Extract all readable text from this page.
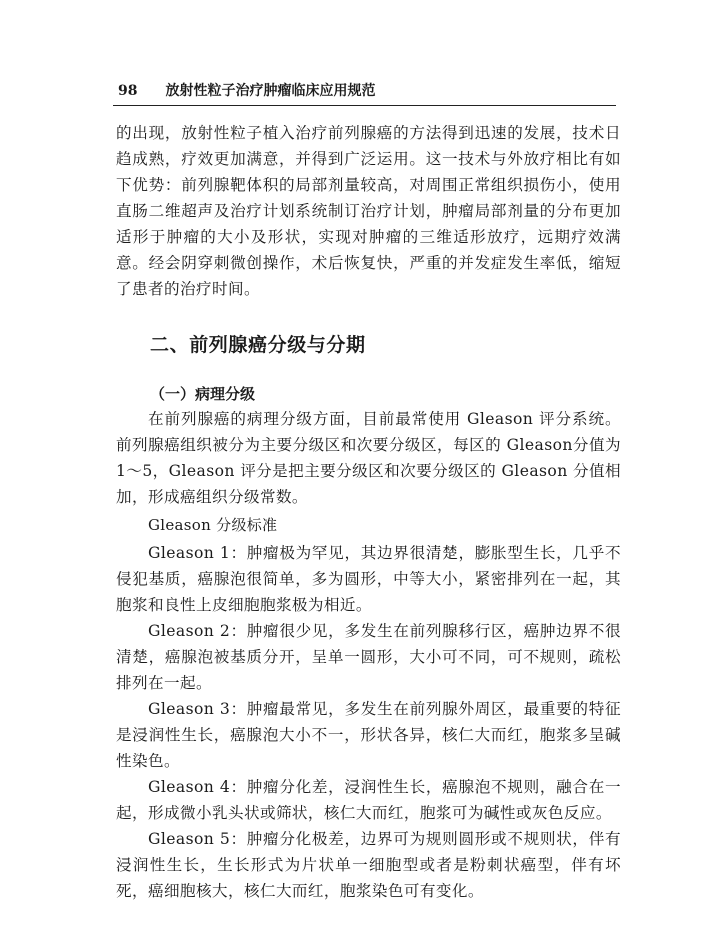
98 放射性粒子治疗肿瘤临床应用规范

的出现，放射性粒子植入治疗前列腺癌的方法得到迅速的发展，技术日趋成熟，疗效更加满意，并得到广泛运用。这一技术与外放疗相比有如下优势：前列腺靶体积的局部剂量较高，对周围正常组织损伤小，使用直肠二维超声及治疗计划系统制订治疗计划，肿瘤局部剂量的分布更加适形于肿瘤的大小及形状，实现对肿瘤的三维适形放疗，远期疗效满意。经会阴穿刺微创操作，术后恢复快，严重的并发症发生率低，缩短了患者的治疗时间。

二、前列腺癌分级与分期
（一）病理分级

在前列腺癌的病理分级方面，目前最常使用 Gleason 评分系统。前列腺癌组织被分为主要分级区和次要分级区，每区的 Gleason分值为 1～5，Gleason 评分是把主要分级区和次要分级区的 Gleason 分值相加，形成癌组织分级常数。

Gleason 分级标准

Gleason 1：肿瘤极为罕见，其边界很清楚，膨胀型生长，几乎不侵犯基质，癌腺泡很简单，多为圆形，中等大小，紧密排列在一起，其胞浆和良性上皮细胞胞浆极为相近。

Gleason 2：肿瘤很少见，多发生在前列腺移行区，癌肿边界不很清楚，癌腺泡被基质分开，呈单一圆形，大小可不同，可不规则，疏松排列在一起。

Gleason 3：肿瘤最常见，多发生在前列腺外周区，最重要的特征是浸润性生长，癌腺泡大小不一，形状各异，核仁大而红，胞浆多呈碱性染色。

Gleason 4：肿瘤分化差，浸润性生长，癌腺泡不规则，融合在一起，形成微小乳头状或筛状，核仁大而红，胞浆可为碱性或灰色反应。

Gleason 5：肿瘤分化极差，边界可为规则圆形或不规则状，伴有浸润性生长，生长形式为片状单一细胞型或者是粉刺状癌型，伴有坏死，癌细胞核大，核仁大而红，胞浆染色可有变化。
